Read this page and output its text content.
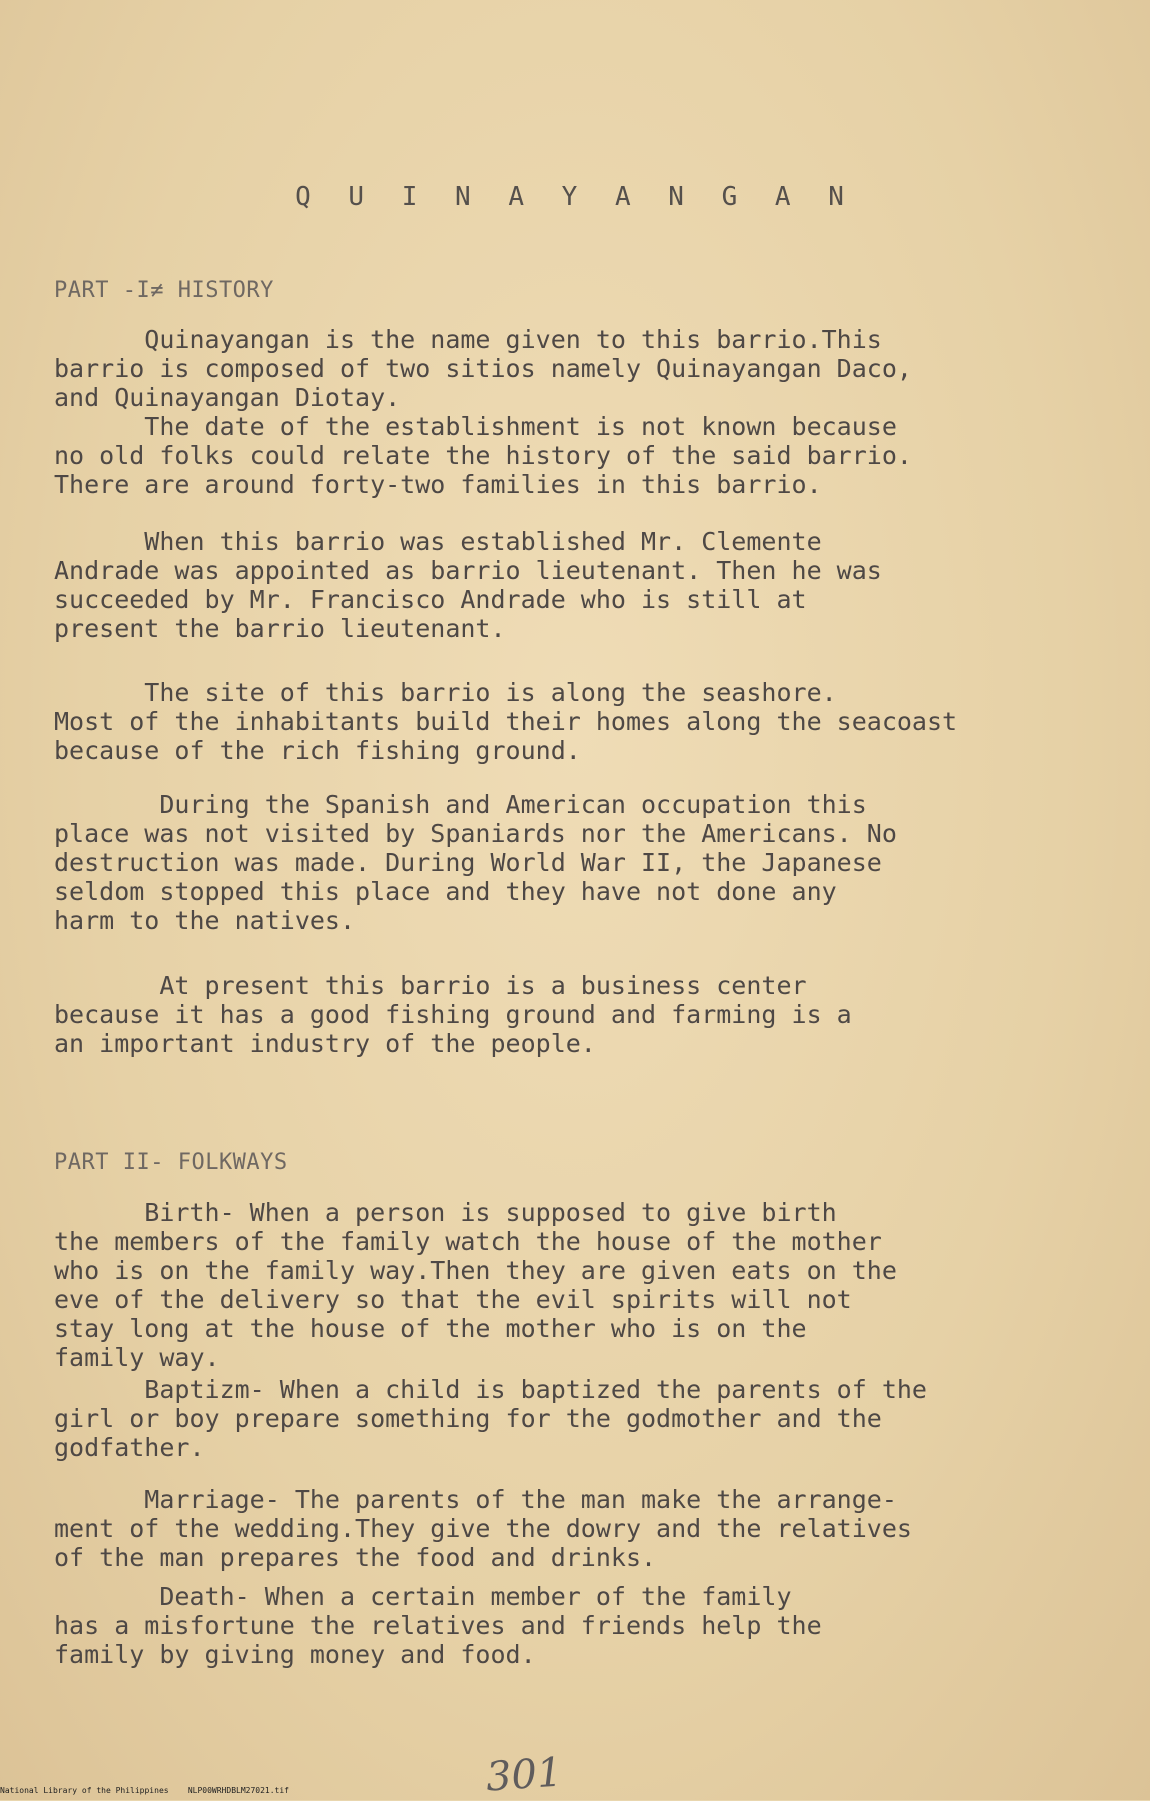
Q U I N A Y A N G A N
PART -I≠ HISTORY
Quinayangan is the name given to this barrio.This
barrio is composed of two sitios namely Quinayangan Daco,
and Quinayangan Diotay.
The date of the establishment is not known because
no old folks could relate the history of the said barrio.
There are around forty-two families in this barrio.
When this barrio was established Mr. Clemente
Andrade was appointed as barrio lieutenant. Then he was
succeeded by Mr. Francisco Andrade who is still at
present the barrio lieutenant.
The site of this barrio is along the seashore.
Most of the inhabitants build their homes along the seacoast
because of the rich fishing ground.
During the Spanish and American occupation this
place was not visited by Spaniards nor the Americans. No
destruction was made. During World War II, the Japanese
seldom stopped this place and they have not done any
harm to the natives.
At present this barrio is a business center
because it has a good fishing ground and farming is a
an important industry of the people.
PART II- FOLKWAYS
Birth- When a person is supposed to give birth
the members of the family watch the house of the mother
who is on the family way.Then they are given eats on the
eve of the delivery so that the evil spirits will not
stay long at the house of the mother who is on the
family way.
Baptizm- When a child is baptized the parents of the
girl or boy prepare something for the godmother and the
godfather.
Marriage- The parents of the man make the arrange-
ment of the wedding.They give the dowry and the relatives
of the man prepares the food and drinks.
Death- When a certain member of the family
has a misfortune the relatives and friends help the
family by giving money and food.
301
National Library of the Philippines    NLP00WRHDBLM27021.tif
